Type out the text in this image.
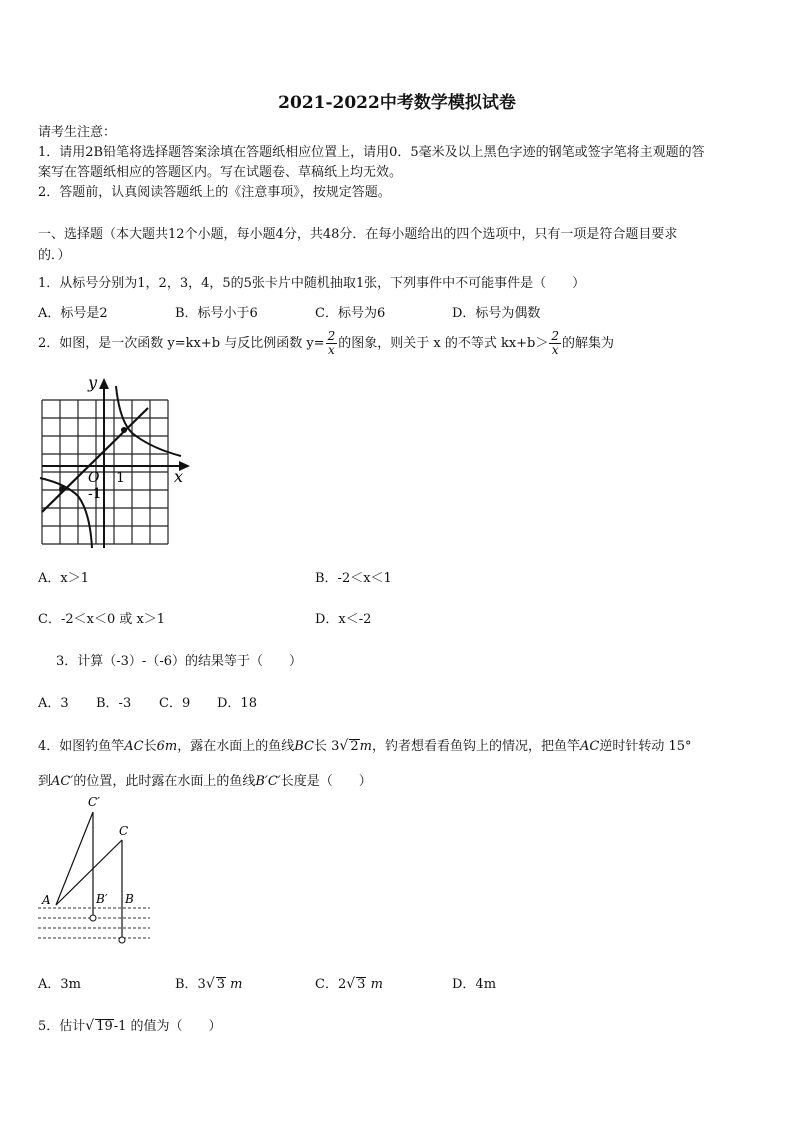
2021-2022中考数学模拟试卷
请考生注意：
1．请用2B铅笔将选择题答案涂填在答题纸相应位置上，请用0．5毫米及以上黑色字迹的钢笔或签字笔将主观题的答
案写在答题纸相应的答题区内。写在试题卷、草稿纸上均无效。
2．答题前，认真阅读答题纸上的《注意事项》，按规定答题。
一、选择题（本大题共12个小题，每小题4分，共48分．在每小题给出的四个选项中，只有一项是符合题目要求
的．）
1．从标号分别为1，2，3，4，5的5张卡片中随机抽取1张，下列事件中不可能事件是（　　）
A．标号是2	B．标号小于6	C．标号为6	D．标号为偶数
2．如图，是一次函数 y=kx+b 与反比例函数 $y= \frac{2}{x}$ 的图象，则关于 x 的不等式 $kx+b> \frac{2}{x}$ 的解集为
y
x
O 1
-1
A．x＞1	B．-2＜x＜1
C．-2＜x＜0 或 x＞1	D．x＜-2
3．计算（-3）-（-6）的结果等于（　　）
A．3 B．-3 C．9 D．18
4．如图钓鱼竿AC长6m，露在水面上的鱼线BC长 3√ 2m，钓者想看看鱼钩上的情况，把鱼竿AC逆时针转动 15°
到AC′的位置，此时露在水面上的鱼线B′C′长度是（　　）
C′
C
A	B′ B
A．3m	B．3√ 3 m	C．2√ 3 m	D．4m
5．估计√ 19-1 的值为（　　）
